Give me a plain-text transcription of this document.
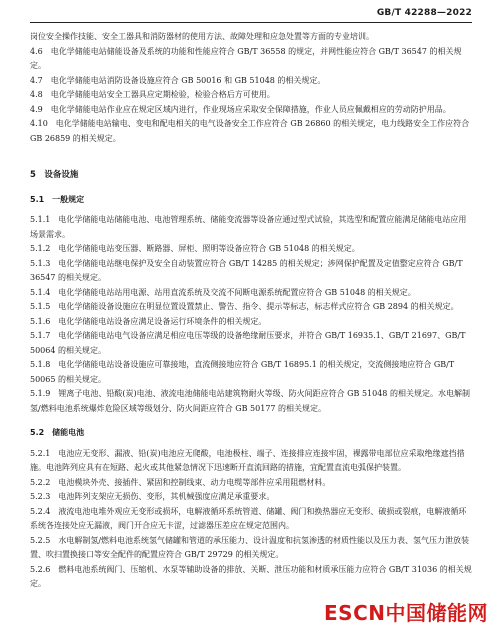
GB/T 42288—2022

岗位安全操作技能、安全工器具和消防器材的使用方法、故障处理和应急处置等方面的专业培训。

4.6　电化学储能电站储能设备及系统的功能和性能应符合 GB/T 36558 的规定，并网性能应符合 GB/T 36547 的相关规定。

4.7　电化学储能电站消防设备设施应符合 GB 50016 和 GB 51048 的相关规定。

4.8　电化学储能电站安全工器具应定期检验，检验合格后方可使用。

4.9　电化学储能电站作业应在规定区域内进行，作业现场应采取安全保障措施，作业人员应佩戴相应的劳动防护用品。

4.10　电化学储能电站输电、变电和配电相关的电气设备安全工作应符合 GB 26860 的相关规定，电力线路安全工作应符合 GB 26859 的相关规定。

5　设备设施
5.1　一般规定

5.1.1　电化学储能电站储能电池、电池管理系统、储能变流器等设备应通过型式试验，其选型和配置应能满足储能电站应用场景需求。

5.1.2　电化学储能电站变压器、断路器、屏柜、照明等设备应符合 GB 51048 的相关规定。

5.1.3　电化学储能电站继电保护及安全自动装置应符合 GB/T 14285 的相关规定；涉网保护配置及定值整定应符合 GB/T 36547 的相关规定。

5.1.4　电化学储能电站站用电源、站用直流系统及交流不间断电源系统配置应符合 GB 51048 的相关规定。

5.1.5　电化学储能设备设施应在明显位置设置禁止、警告、指令、提示等标志，标志样式应符合 GB 2894 的相关规定。

5.1.6　电化学储能电站设备应满足设备运行环境条件的相关规定。

5.1.7　电化学储能电站电气设备应满足相应电压等级的设备绝缘耐压要求，并符合 GB/T 16935.1、GB/T 21697、GB/T 50064 的相关规定。

5.1.8　电化学储能电站设备设施应可靠接地，直流侧接地应符合 GB/T 16895.1 的相关规定，交流侧接地应符合 GB/T 50065 的相关规定。

5.1.9　锂离子电池、铅酸(炭)电池、液流电池储能电站建筑物耐火等级、防火间距应符合 GB 51048 的相关规定。水电解制氢/燃料电池系统爆炸危险区域等级划分、防火间距应符合 GB 50177 的相关规定。

5.2　储能电池

5.2.1　电池应无变形、漏液、铅(炭)电池应无爬酸，电池极柱、端子、连接排应连接牢固，裸露带电部位应采取绝缘遮挡措施。电池阵列应具有在短路、起火或其他紧急情况下迅速断开直流回路的措施，宜配置直流电弧保护装置。

5.2.2　电池模块外壳、接插件、紧固和控制线束、动力电缆等部件应采用阻燃材料。

5.2.3　电池阵列支架应无损伤、变形，其机械强度应满足承重要求。

5.2.4　液流电池电堆外观应无变形或损坏，电解液循环系统管道、储罐、阀门和换热器应无变形、破损或裂痕，电解液循环系统各连接处应无漏液，阀门开合应无卡涩，过滤器压差应在规定范围内。

5.2.5　水电解制氢/燃料电池系统氢气储罐和管道的承压能力、设计温度和抗氢渗透的材质性能以及压力表、氢气压力泄放装置、吹扫置换接口等安全配件的配置应符合 GB/T 29729 的相关规定。

5.2.6　燃料电池系统阀门、压缩机、水泵等辅助设备的排放、关断、泄压功能和材质承压能力应符合 GB/T 31036 的相关规定。

ESCN中国储能网
